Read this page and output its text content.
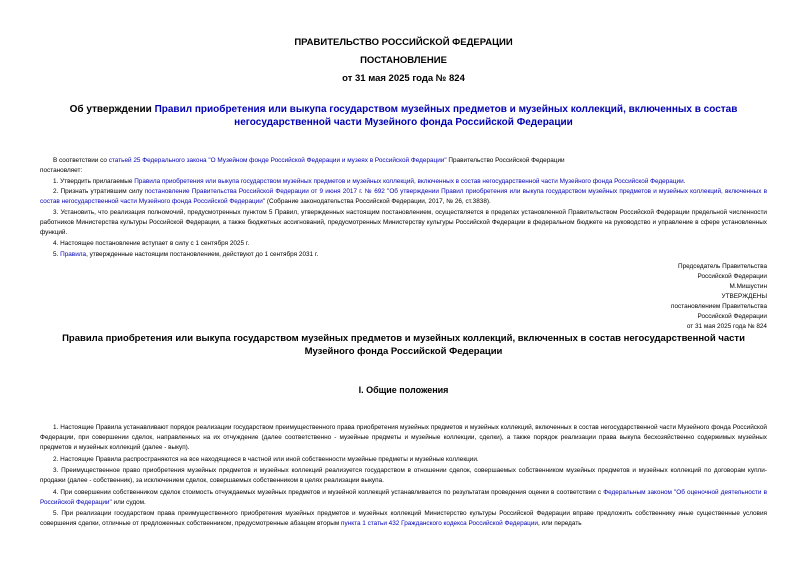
ПРАВИТЕЛЬСТВО РОССИЙСКОЙ ФЕДЕРАЦИИ
ПОСТАНОВЛЕНИЕ
от 31 мая 2025 года № 824
Об утверждении Правил приобретения или выкупа государством музейных предметов и музейных коллекций, включенных в состав негосударственной части Музейного фонда Российской Федерации
В соответствии со статьей 25 Федерального закона "О Музейном фонде Российской Федерации и музеях в Российской Федерации" Правительство Российской Федерации
постановляет:
1. Утвердить прилагаемые Правила приобретения или выкупа государством музейных предметов и музейных коллекций, включенных в состав негосударственной части Музейного фонда Российской Федерации.
2. Признать утратившим силу постановление Правительства Российской Федерации от 9 июня 2017 г. № 692 "Об утверждении Правил приобретения или выкупа государством музейных предметов и музейных коллекций, включенных в состав негосударственной части Музейного фонда Российской Федерации" (Собрание законодательства Российской Федерации, 2017, № 26, ст.3838).
3. Установить, что реализация полномочий, предусмотренных пунктом 5 Правил, утвержденных настоящим постановлением, осуществляется в пределах установленной Правительством Российской Федерации предельной численности работников Министерства культуры Российской Федерации, а также бюджетных ассигнований, предусмотренных Министерству культуры Российской Федерации в федеральном бюджете на руководство и управление в сфере установленных функций.
4. Настоящее постановление вступает в силу с 1 сентября 2025 г.
5. Правила, утвержденные настоящим постановлением, действуют до 1 сентября 2031 г.
Председатель Правительства
Российской Федерации
М.Мишустин
УТВЕРЖДЕНЫ
постановлением Правительства
Российской Федерации
от 31 мая 2025 года № 824
Правила приобретения или выкупа государством музейных предметов и музейных коллекций, включенных в состав негосударственной части Музейного фонда Российской Федерации
I. Общие положения
1. Настоящие Правила устанавливают порядок реализации государством преимущественного права приобретения музейных предметов и музейных коллекций, включенных в состав негосударственной части Музейного фонда Российской Федерации, при совершении сделок, направленных на их отчуждение (далее соответственно - музейные предметы и музейные коллекции, сделки), а также порядок реализации права выкупа бесхозяйственно содержимых музейных предметов и музейных коллекций (далее - выкуп).
2. Настоящие Правила распространяются на все находящиеся в частной или иной собственности музейные предметы и музейные коллекции.
3. Преимущественное право приобретения музейных предметов и музейных коллекций реализуется государством в отношении сделок, совершаемых собственником музейных предметов и музейных коллекций по договорам купли-продажи (далее - собственник), за исключением сделок, совершаемых собственником в целях реализации выкупа.
4. При совершении собственником сделок стоимость отчуждаемых музейных предметов и музейной коллекций устанавливается по результатам проведения оценки в соответствии с Федеральным законом "Об оценочной деятельности в Российской Федерации" или судом.
5. При реализации государством права преимущественного приобретения музейных предметов и музейных коллекций Министерство культуры Российской Федерации вправе предложить собственнику иные существенные условия совершения сделки, отличные от предложенных собственником, предусмотренные абзацем вторым пункта 1 статьи 432 Гражданского кодекса Российской Федерации, или передать
